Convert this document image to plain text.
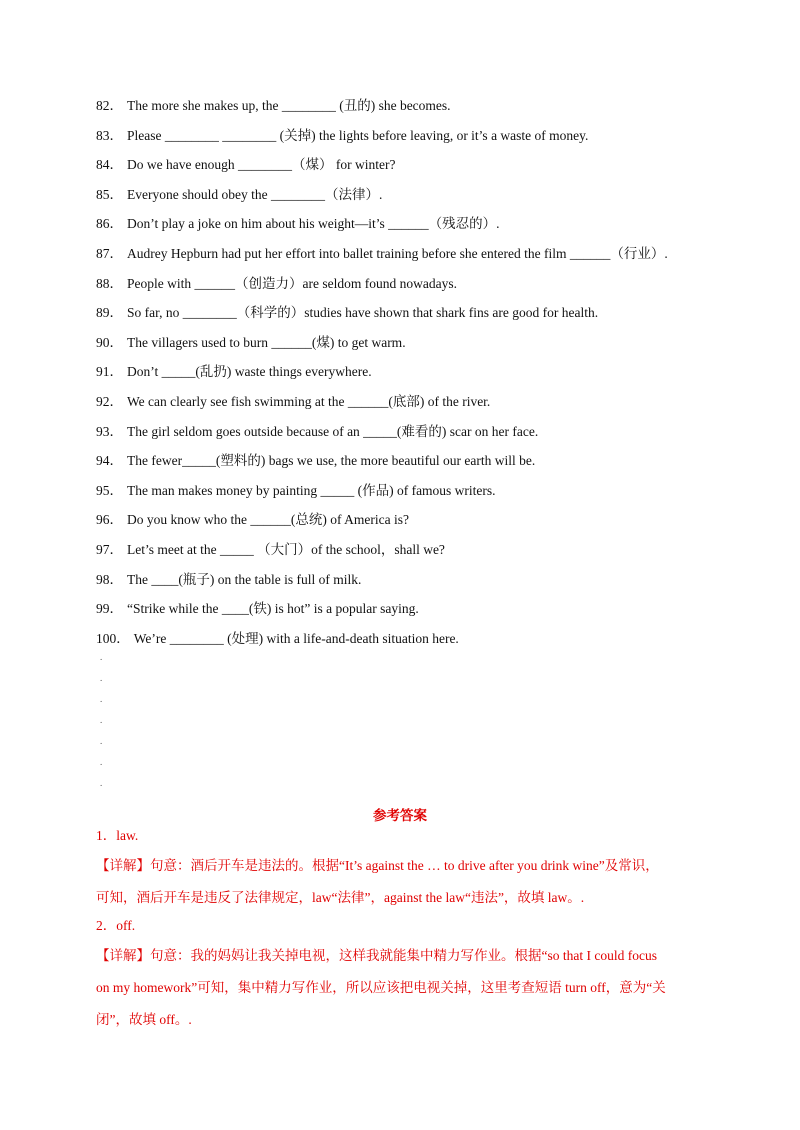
82． The more she makes up, the ________ (丑的) she becomes.
83． Please ________ ________ (关掉) the lights before leaving, or it’s a waste of money.
84． Do we have enough ________（煤） for winter?
85． Everyone should obey the ________（法律）.
86． Don’t play a joke on him about his weight—it’s ______（残忍的）.
87． Audrey Hepburn had put her effort into ballet training before she entered the film ______（行业）.
88． People with ______（创造力）are seldom found nowadays.
89． So far, no ________（科学的）studies have shown that shark fins are good for health.
90． The villagers used to burn ______(煤) to get warm.
91． Don’t _____(乱扔) waste things everywhere.
92． We can clearly see fish swimming at the ______(底部) of the river.
93． The girl seldom goes outside because of an _____(难看的) scar on her face.
94． The fewer_____(塑料的) bags we use, the more beautiful our earth will be.
95． The man makes money by painting _____ (作品) of famous writers.
96． Do you know who the ______(总统) of America is?
97． Let’s meet at the _____ （大门）of the school，shall we?
98． The ____(瓶子) on the table is full of milk.
99． “Strike while the ____(铁) is hot” is a popular saying.
100． We’re ________ (处理) with a life-and-death situation here.
.
.
.
.
.
.
.
参考答案
1．law.
【详解】句意：酒后开车是违法的。根据“It’s against the … to drive after you drink wine”及常识，
可知，酒后开车是违反了法律规定，law“法律”，against the law“违法”，故填 law。.
2．off.
【详解】句意：我的妈妈让我关掉电视，这样我就能集中精力写作业。根据“so that I could focus
on my homework”可知，集中精力写作业，所以应该把电视关掉，这里考查短语 turn off，意为“关
闭”，故填 off。.
